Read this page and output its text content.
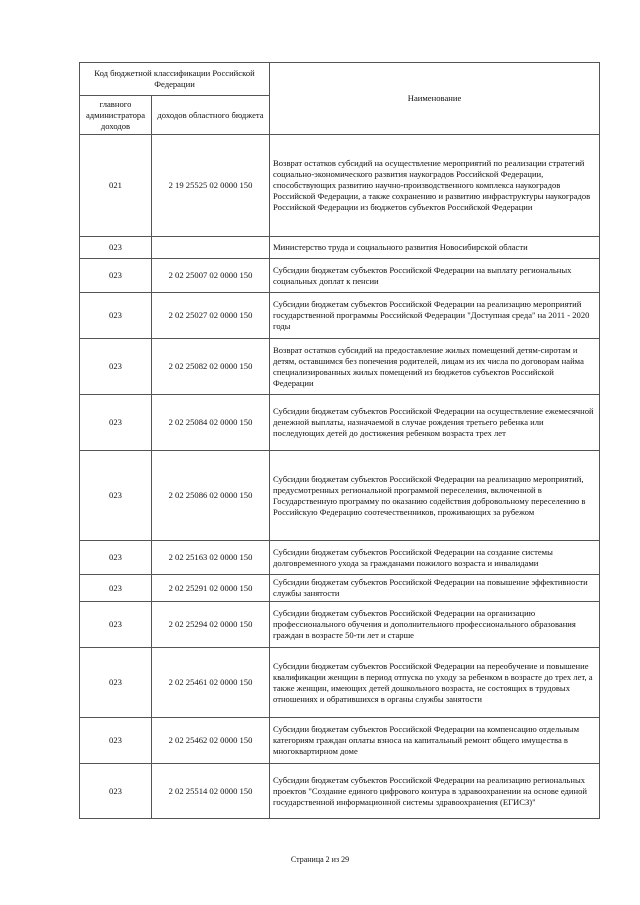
Код бюджетной классификации Российской Федерации		Наименование
главного администратора доходов	доходов областного бюджета	
021	2 19 25525 02 0000 150	Возврат остатков субсидий на осуществление мероприятий по реализации стратегий социально-экономического развития наукоградов Российской Федерации, способствующих развитию научно-производственного комплекса наукоградов Российской Федерации, а также сохранению и развитию инфраструктуры наукоградов Российской Федерации из бюджетов субъектов Российской Федерации
023		Министерство труда и социального развития Новосибирской области
023	2 02 25007 02 0000 150	Субсидии бюджетам субъектов Российской Федерации на выплату региональных социальных доплат к пенсии
023	2 02 25027 02 0000 150	Субсидии бюджетам субъектов Российской Федерации на реализацию мероприятий государственной программы Российской Федерации "Доступная среда" на 2011 - 2020 годы
023	2 02 25082 02 0000 150	Возврат остатков субсидий на предоставление жилых помещений детям-сиротам и детям, оставшимся без попечения родителей, лицам из их числа по договорам найма специализированных жилых помещений из бюджетов субъектов Российской Федерации
023	2 02 25084 02 0000 150	Субсидии бюджетам субъектов Российской Федерации на осуществление ежемесячной денежной выплаты, назначаемой в случае рождения третьего ребенка или последующих детей до достижения ребенком возраста трех лет
023	2 02 25086 02 0000 150	Субсидии бюджетам субъектов Российской Федерации на реализацию мероприятий, предусмотренных региональной программой переселения, включенной в Государственную программу по оказанию содействия добровольному переселению в Российскую Федерацию соотечественников, проживающих за рубежом
023	2 02 25163 02 0000 150	Субсидии бюджетам субъектов Российской Федерации на создание системы долговременного ухода за гражданами пожилого возраста и инвалидами
023	2 02 25291 02 0000 150	Субсидии бюджетам субъектов Российской Федерации на повышение эффективности службы занятости
023	2 02 25294 02 0000 150	Субсидии бюджетам субъектов Российской Федерации на организацию профессионального обучения и дополнительного профессионального образования граждан в возрасте 50-ти лет и старше
023	2 02 25461 02 0000 150	Субсидии бюджетам субъектов Российской Федерации на переобучение и повышение квалификации женщин в период отпуска по уходу за ребенком в возрасте до трех лет, а также женщин, имеющих детей дошкольного возраста, не состоящих в трудовых отношениях и обратившихся в органы службы занятости
023	2 02 25462 02 0000 150	Субсидии бюджетам субъектов Российской Федерации на компенсацию отдельным категориям граждан оплаты взноса на капитальный ремонт общего имущества в многоквартирном доме
023	2 02 25514 02 0000 150	Субсидии бюджетам субъектов Российской Федерации на реализацию региональных проектов "Создание единого цифрового контура в здравоохранении на основе единой государственной информационной системы здравоохранения (ЕГИСЗ)"
Страница 2 из 29
